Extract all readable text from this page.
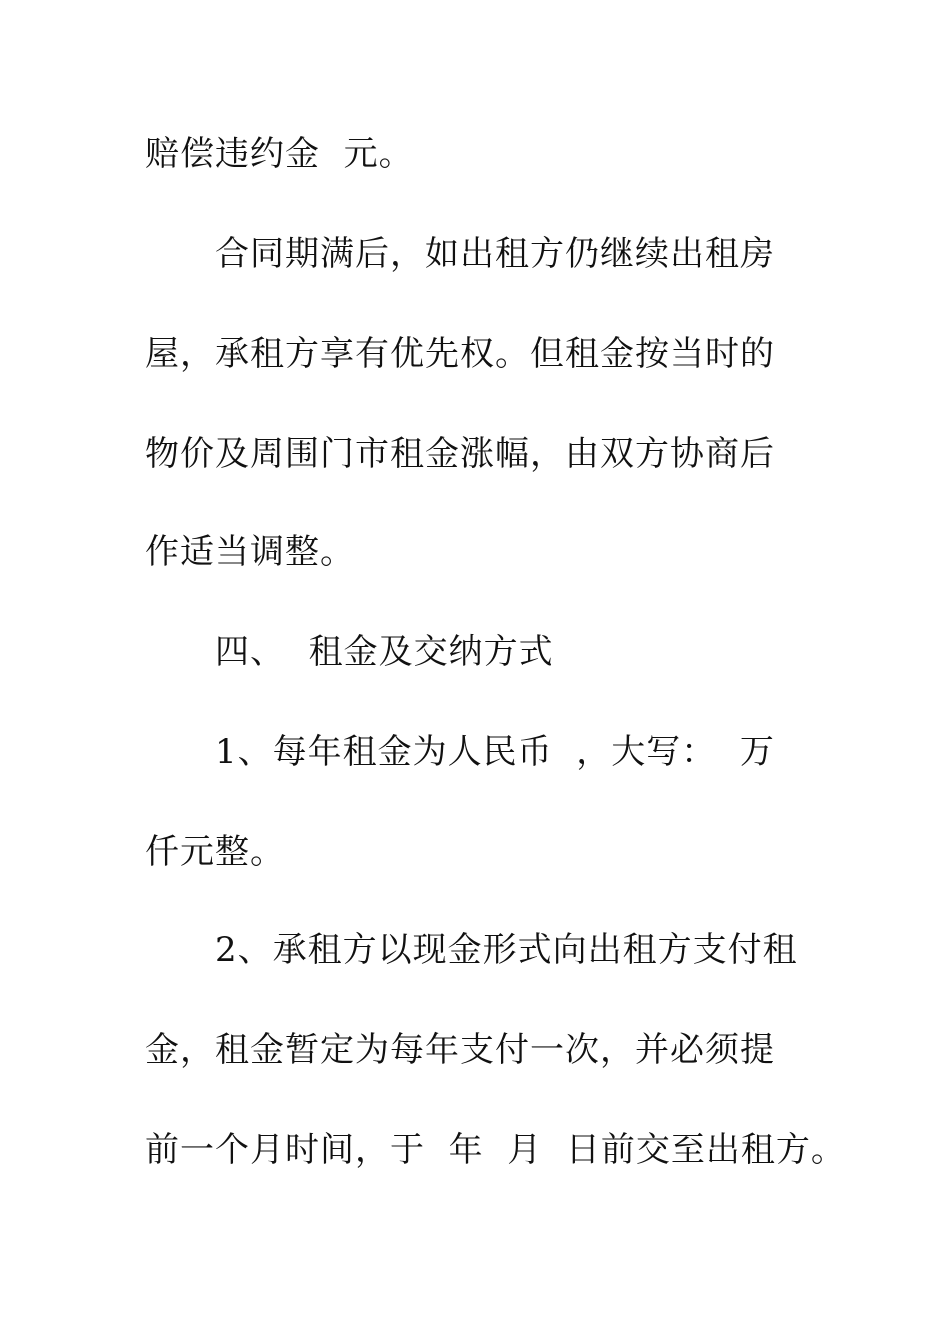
赔偿违约金  元。
合同期满后，如出租方仍继续出租房
屋，承租方享有优先权。但租金按当时的
物价及周围门市租金涨幅，由双方协商后
作适当调整。
四、  租金及交纳方式
1、每年租金为人民币  ，大写：  万
仟元整。
2、承租方以现金形式向出租方支付租
金，租金暂定为每年支付一次，并必须提
前一个月时间，于  年  月  日前交至出租方。
